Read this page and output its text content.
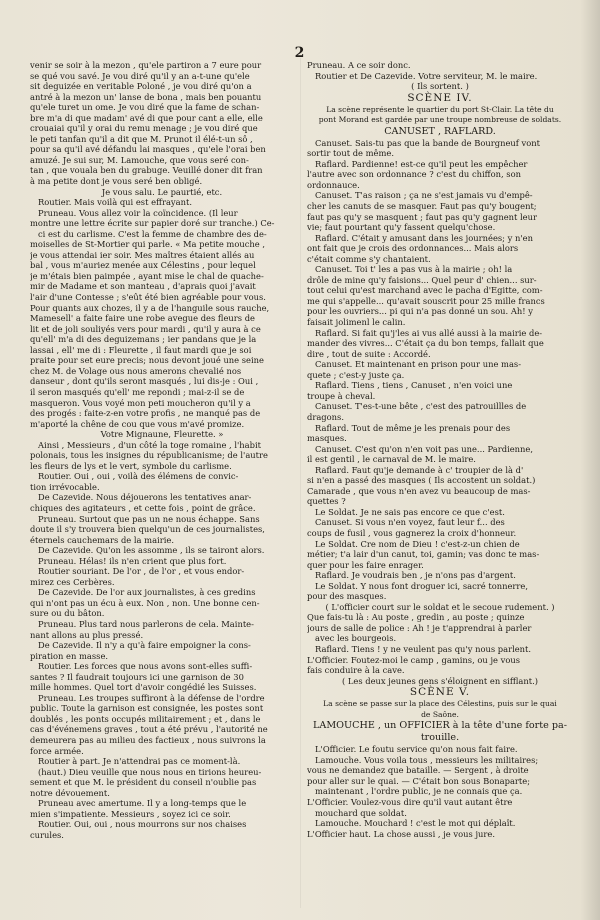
2

venir se soir à la mezon , qu'ele partiron a 7 eure pour

se qué vou savé. Je vou diré qu'il y an a-t-une qu'ele

sit deguizée en veritable Poloné , je vou diré qu'on a

antré à la mezon un' lanse de bona , mais ben pouantu

qu'ele turet un ome. Je vou diré que la fame de schan-

bre m'a di que madam' avé di que pour cant a elle, elle

crouaiai qu'il y orai du remu menage ; je vou diré que

le peti tanfan qu'il a dit que M. Prunot il élé-t-un sô ,

pour sa qu'il avé défandu lai masques , qu'ele l'orai ben

amuzé. Je sui sur, M. Lamouche, que vous seré con-

tan , que vouala ben du grabuge. Veuillé doner dit fran

à ma petite dont je vous seré ben obligé.

Je vous salu. Le paurtié, etc.

Routier. Mais voilà qui est effrayant.

Pruneau. Vous allez voir la coïncidence. (Il leur

montre une lettre écrite sur papier doré sur tranche.) Ce-

ci est du carlisme. C'est la femme de chambre des de-

moiselles de St-Mortier qui parle. « Ma petite mouche ,

je vous attendai ier soir. Mes maîtres étaient allés au

bal , vous m'auriez menée aux Célestins , pour lequel

je m'étais bien paimpée , ayant mise le chal de quache-

mir de Madame et son manteau , d'aprais quoi j'avait

l'air d'une Contesse ; s'eût été bien agréable pour vous.

Pour quants aux chozes, il y a de l'hanguile sous rauche,

Mamesell' a faite faire une robe avegue des fleurs de

lit et de joli souliyés vers pour mardi , qu'il y aura à ce

qu'ell' m'a di des deguizemans ; ier pandans que je la

lassai , ell' me di : Fleurette , il faut mardi que je soi

praite pour set eure precis; nous devont joué une seine

chez M. de Volage ous nous amerons chevalié nos

danseur , dont qu'ils seront masqués , lui dis-je : Oui ,

il seron masqués qu'ell' me repondi ; mai-z-il se de

masqueron. Vous voyé mon peti moucheron qu'il y a

des progés : faite-z-en votre profis , ne manqué pas de

m'aporté la chêne de cou que vous m'avé promize.

Votre Mignaune, Fleurette. »

Ainsi , Messieurs , d'un côté la toge romaine , l'habit

polonais, tous les insignes du républicanisme; de l'autre

les fleurs de lys et le vert, symbole du carlisme.

Routier. Oui , oui , voilà des élémens de convic-

tion irrévocable.

De Cazevide. Nous déjouerons les tentatives anar-

chiques des agitateurs , et cette fois , point de grâce.

Pruneau. Surtout que pas un ne nous échappe. Sans

doute il s'y trouvera bien quelqu'un de ces journalistes,

éternels cauchemars de la mairie.

De Cazevide. Qu'on les assomme , ils se tairont alors.

Pruneau. Hélas! ils n'en crient que plus fort.

Routier souriant. De l'or , de l'or , et vous endor-

mirez ces Cerbères.

De Cazevide. De l'or aux journalistes, à ces gredins

qui n'ont pas un écu à eux. Non , non. Une bonne cen-

sure ou du bâton.

Pruneau. Plus tard nous parlerons de cela. Mainte-

nant allons au plus pressé.

De Cazevide. Il n'y a qu'à faire empoigner la cons-

piration en masse.

Routier. Les forces que nous avons sont-elles suffi-

santes ? Il faudrait toujours ici une garnison de 30

mille hommes. Quel tort d'avoir congédié les Suisses.

Pruneau. Les troupes suffiront à la défense de l'ordre

public. Toute la garnison est consignée, les postes sont

doublés , les ponts occupés militairement ; et , dans le

cas d'événemens graves , tout a été prévu , l'autorité ne

demeurera pas au milieu des factieux , nous suivrons la

force armée.

Routier à part. Je n'attendrai pas ce moment-là.

(haut.) Dieu veuille que nous nous en tirions heureu-

sement et que M. le président du conseil n'oublie pas

notre dévouement.

Pruneau avec amertume. Il y a long-temps que le

mien s'impatiente. Messieurs , soyez ici ce soir.

Routier. Oui, oui , nous mourrons sur nos chaises

curules.

Pruneau. A ce soir donc.

Routier et De Cazevide. Votre serviteur, M. le maire.

( Ils sortent. )

SCÈNE IV.

La scène représente le quartier du port St-Clair. La tête du

pont Morand est gardée par une troupe nombreuse de soldats.

CANUSET , RAFLARD.

Canuset. Sais-tu pas que la bande de Bourgneuf vont

sortir tout de même.

Raflard. Pardienne! est-ce qu'il peut les empêcher

l'autre avec son ordonnance ? c'est du chiffon, son

ordonnauce.

Canuset. T'as raison ; ça ne s'est jamais vu d'empê-

cher les canuts de se masquer. Faut pas qu'y bougent;

faut pas qu'y se masquent ; faut pas qu'y gagnent leur

vie; faut pourtant qu'y fassent quelqu'chose.

Raflard. C'était y amusant dans les journées; y n'en

ont fait que je crois des ordonnances... Mais alors

c'était comme s'y chantaient.

Canuset. Toi t' les a pas vus à la mairie ; oh! la

drôle de mine qu'y faisions... Quel peur d' chien... sur-

tout celui qu'est marchand avec le pacha d'Egitte, com-

me qui s'appelle... qu'avait souscrit pour 25 mille francs

pour les ouvriers... pi qui n'a pas donné un sou. Ah! y

faisait jolimenl le calin.

Raflard. Si fait qu'j'les ai vus allé aussi à la mairie de-

mander des vivres... C'était ça du bon temps, fallait que

dire , tout de suite : Accordé.

Canuset. Et maintenant en prison pour une mas-

quete ; c'est-y juste ça.

Raflard. Tiens , tiens , Canuset , n'en voici une

troupe à cheval.

Canuset. T'es-t-une bête , c'est des patrouillles de

dragons.

Raflard. Tout de même je les prenais pour des

masques.

Canuset. C'est qu'on n'en voit pas une... Pardienne,

il est gentil , le carnaval de M. le maire.

Raflard. Faut qu'je demande à c' troupier de là d'

si n'en a passé des masques ( Ils accostent un soldat.)

Camarade , que vous n'en avez vu beaucoup de mas-

quettes ?

Le Soldat. Je ne sais pas encore ce que c'est.

Canuset. Si vous n'en voyez, faut leur f... des

coups de fusil , vous gagnerez la croix d'honneur.

Le Soldat. Cre nom de Dieu ! c'est-z-un chien de

métier; t'a lair d'un canut, toi, gamin; vas donc te mas-

quer pour les faire enrager.

Raflard. Je voudrais ben , je n'ons pas d'argent.

Le Soldat. Y nous font droguer ici, sacré tonnerre,

pour des masques.

( L'officier court sur le soldat et le secoue rudement. )

Que fais-tu là : Au poste , gredin , au poste ; quinze

jours de salle de police : Ah ! je t'apprendrai à parler

avec les bourgeois.

Raflard. Tiens ! y ne veulent pas qu'y nous parlent.

L'Officier. Foutez-moi le camp , gamins, ou je vous

fais conduire à la cave.

( Les deux jeunes gens s'éloignent en sifflant.)

SCÈNE V.

La scène se passe sur la place des Célestins, puis sur le quai

de Saône.

LAMOUCHE , un OFFICIER à la tête d'une forte pa-

trouille.

L'Officier. Le foutu service qu'on nous fait faire.

Lamouche. Vous voila tous , messieurs les militaires;

vous ne demandez que bataille. — Sergent , à droite

pour aller sur le quai. — C'était bon sous Bonaparte;

maintenant , l'ordre public, je ne connais que ça.

L'Officier. Voulez-vous dire qu'il vaut autant être

mouchard que soldat.

Lamouche. Mouchard ! c'est le mot qui déplaît.

L'Officier haut. La chose aussi , je vous jure.
